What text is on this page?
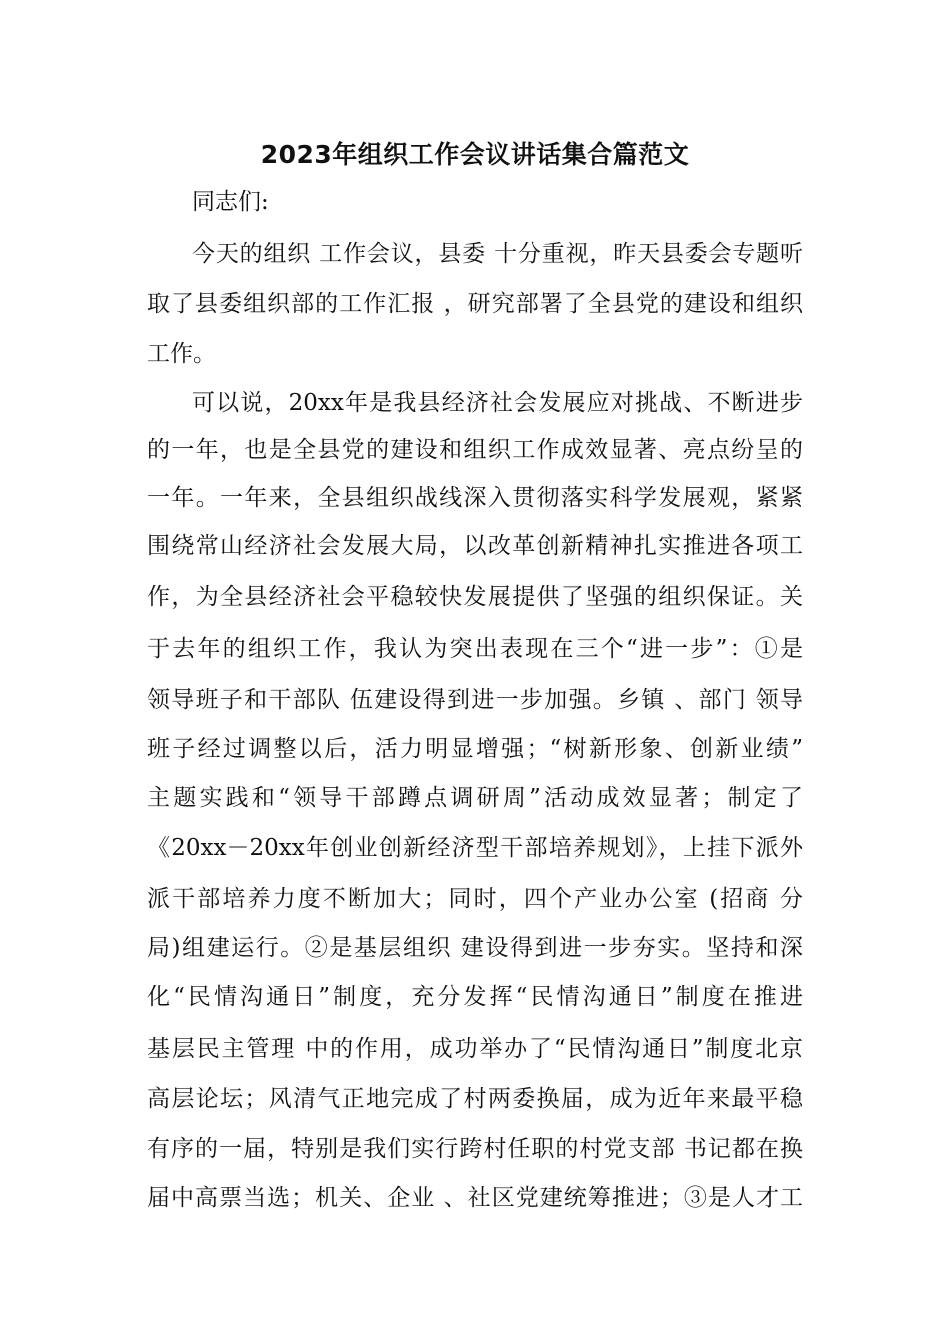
2023年组织工作会议讲话集合篇范文

同志们:

今天的组织 工作会议，县委 十分重视，昨天县委会专题听

取了县委组织部的工作汇报 ，研究部署了全县党的建设和组织

工作。

可以说，20xx年是我县经济社会发展应对挑战、不断进步

的一年，也是全县党的建设和组织工作成效显著、亮点纷呈的

一年。一年来，全县组织战线深入贯彻落实科学发展观，紧紧

围绕常山经济社会发展大局，以改革创新精神扎实推进各项工

作，为全县经济社会平稳较快发展提供了坚强的组织保证。关

于去年的组织工作，我认为突出表现在三个“进一步”：①是

领导班子和干部队 伍建设得到进一步加强。乡镇 、部门 领导

班子经过调整以后，活力明显增强；“树新形象、创新业绩”

主题实践和“领导干部蹲点调研周”活动成效显著；制定了

《20xx－20xx年创业创新经济型干部培养规划》，上挂下派外

派干部培养力度不断加大；同时，四个产业办公室 (招商 分

局)组建运行。②是基层组织 建设得到进一步夯实。坚持和深

化“民情沟通日”制度，充分发挥“民情沟通日”制度在推进

基层民主管理 中的作用，成功举办了“民情沟通日”制度北京

高层论坛；风清气正地完成了村两委换届，成为近年来最平稳

有序的一届，特别是我们实行跨村任职的村党支部 书记都在换

届中高票当选；机关、企业 、社区党建统筹推进；③是人才工
